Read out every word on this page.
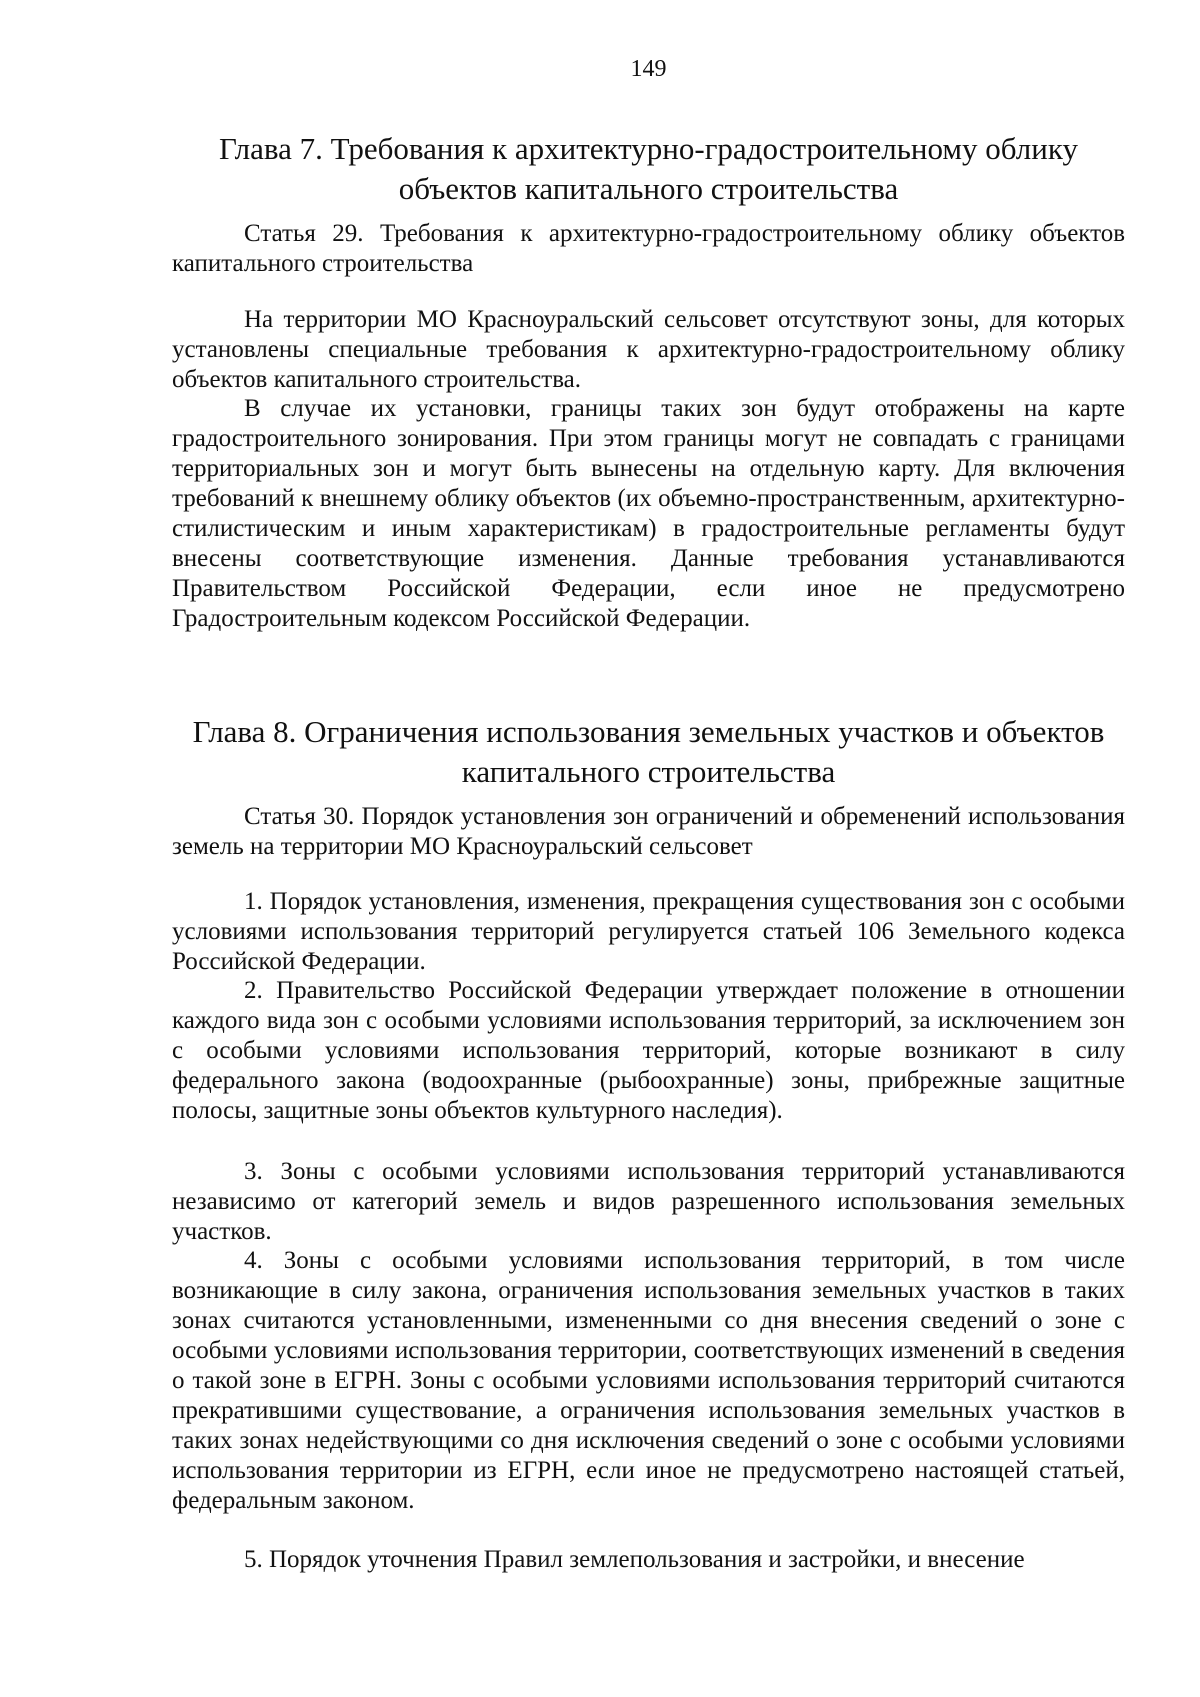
149
Глава 7. Требования к архитектурно-градостроительному облику объектов капитального строительства

Статья 29. Требования к архитектурно-градостроительному облику объектов капитального строительства

На территории МО Красноуральский сельсовет отсутствуют зоны, для которых установлены специальные требования к архитектурно-градостроительному облику объектов капитального строительства.

В случае их установки, границы таких зон будут отображены на карте градостроительного зонирования. При этом границы могут не совпадать с границами территориальных зон и могут быть вынесены на отдельную карту. Для включения требований к внешнему облику объектов (их объемно-пространственным, архитектурно-стилистическим и иным характеристикам) в градостроительные регламенты будут внесены соответствующие изменения. Данные требования устанавливаются Правительством Российской Федерации, если иное не предусмотрено Градостроительным кодексом Российской Федерации.

Глава 8. Ограничения использования земельных участков и объектов капитального строительства

Статья 30. Порядок установления зон ограничений и обременений использования земель на территории МО Красноуральский сельсовет

1. Порядок установления, изменения, прекращения существования зон с особыми условиями использования территорий регулируется статьей 106 Земельного кодекса Российской Федерации.

2. Правительство Российской Федерации утверждает положение в отношении каждого вида зон с особыми условиями использования территорий, за исключением зон с особыми условиями использования территорий, которые возникают в силу федерального закона (водоохранные (рыбоохранные) зоны, прибрежные защитные полосы, защитные зоны объектов культурного наследия).

3. Зоны с особыми условиями использования территорий устанавливаются независимо от категорий земель и видов разрешенного использования земельных участков.

4. Зоны с особыми условиями использования территорий, в том числе возникающие в силу закона, ограничения использования земельных участков в таких зонах считаются установленными, измененными со дня внесения сведений о зоне с особыми условиями использования территории, соответствующих изменений в сведения о такой зоне в ЕГРН. Зоны с особыми условиями использования территорий считаются прекратившими существование, а ограничения использования земельных участков в таких зонах недействующими со дня исключения сведений о зоне с особыми условиями использования территории из ЕГРН, если иное не предусмотрено настоящей статьей, федеральным законом.

5. Порядок уточнения Правил землепользования и застройки, и внесение
